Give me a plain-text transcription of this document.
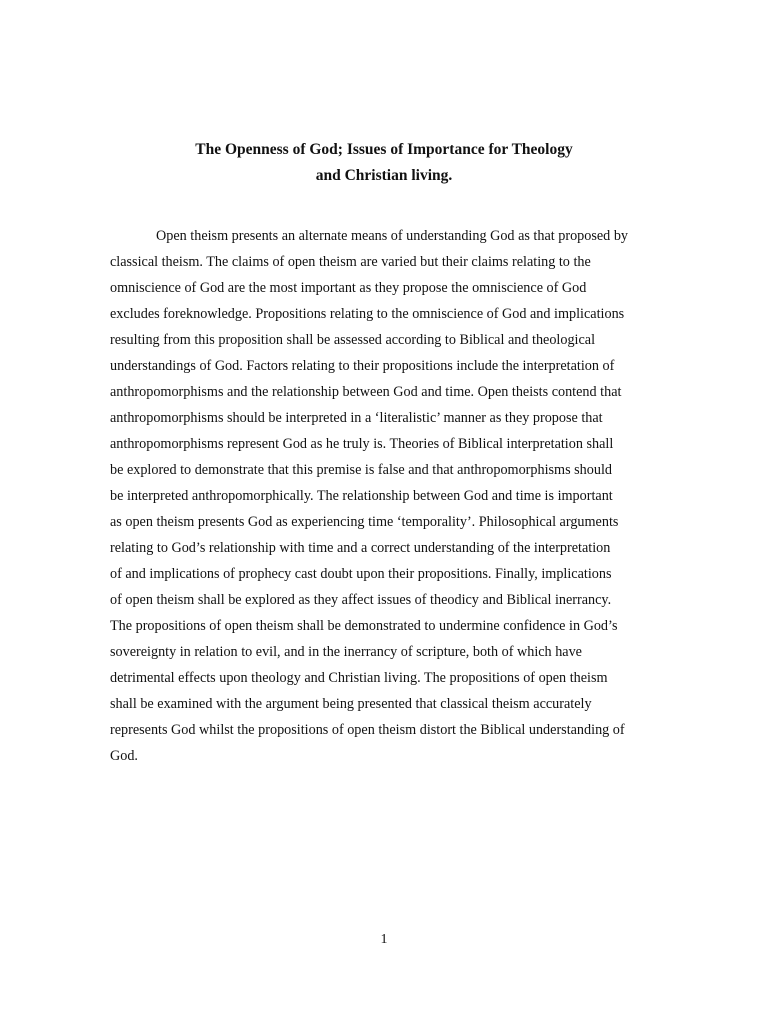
The Openness of God; Issues of Importance for Theology
and Christian living.
Open theism presents an alternate means of understanding God as that proposed by
classical theism. The claims of open theism are varied but their claims relating to the
omniscience of God are the most important as they propose the omniscience of God
excludes foreknowledge. Propositions relating to the omniscience of God and implications
resulting from this proposition shall be assessed according to Biblical and theological
understandings of God. Factors relating to their propositions include the interpretation of
anthropomorphisms and the relationship between God and time. Open theists contend that
anthropomorphisms should be interpreted in a ‘literalistic’ manner as they propose that
anthropomorphisms represent God as he truly is. Theories of Biblical interpretation shall
be explored to demonstrate that this premise is false and that anthropomorphisms should
be interpreted anthropomorphically. The relationship between God and time is important
as open theism presents God as experiencing time ‘temporality’. Philosophical arguments
relating to God’s relationship with time and a correct understanding of the interpretation
of and implications of prophecy cast doubt upon their propositions. Finally, implications
of open theism shall be explored as they affect issues of theodicy and Biblical inerrancy.
The propositions of open theism shall be demonstrated to undermine confidence in God’s
sovereignty in relation to evil, and in the inerrancy of scripture, both of which have
detrimental effects upon theology and Christian living. The propositions of open theism
shall be examined with the argument being presented that classical theism accurately
represents God whilst the propositions of open theism distort the Biblical understanding of
God.
1
